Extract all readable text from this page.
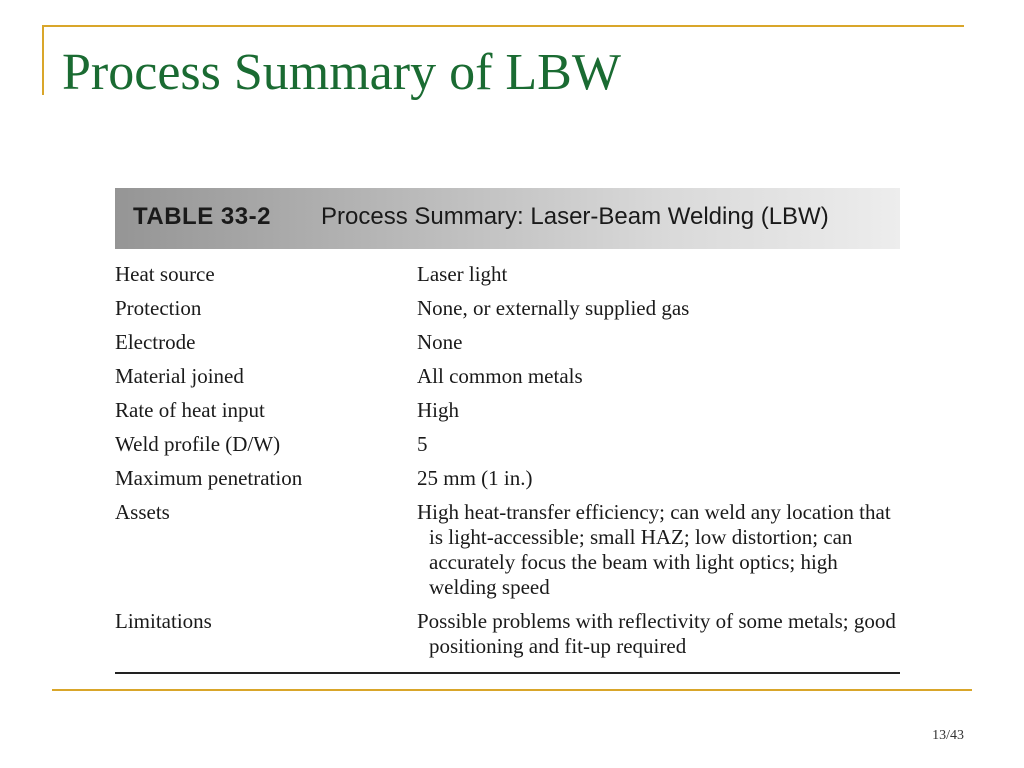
Process Summary of LBW
TABLE 33-2 Process Summary: Laser-Beam Welding (LBW)
Heat source	Laser light
Protection	None, or externally supplied gas
Electrode	None
Material joined	All common metals
Rate of heat input	High
Weld profile (D/W)	5
Maximum penetration	25 mm (1 in.)
Assets	High heat-transfer efficiency; can weld any location that is light-accessible; small HAZ; low distortion; can accurately focus the beam with light optics; high welding speed
Limitations	Possible problems with reflectivity of some metals; good positioning and fit-up required
13/43
